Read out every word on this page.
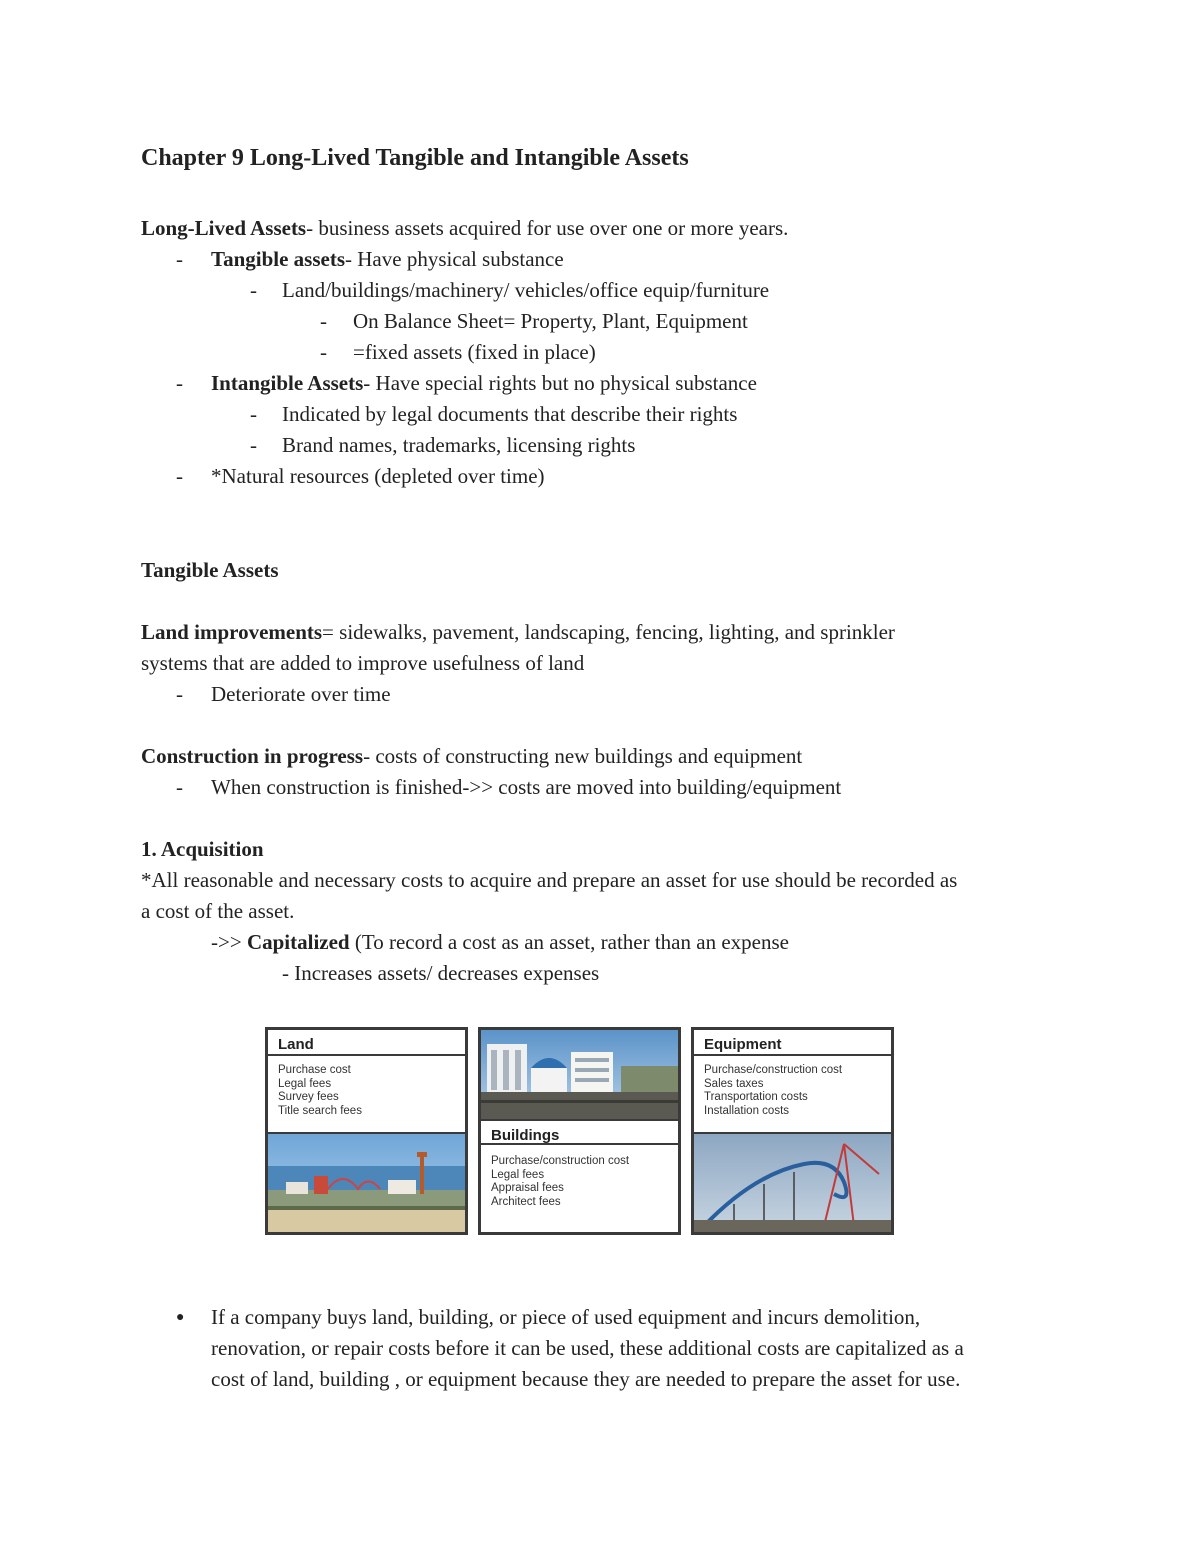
Chapter 9 Long-Lived Tangible and Intangible Assets
Long-Lived Assets- business assets acquired for use over one or more years.
- Tangible assets- Have physical substance
- Land/buildings/machinery/ vehicles/office equip/furniture
- On Balance Sheet= Property, Plant, Equipment
- =fixed assets (fixed in place)
- Intangible Assets- Have special rights but no physical substance
- Indicated by legal documents that describe their rights
- Brand names, trademarks, licensing rights
- *Natural resources (depleted over time)
Tangible Assets
Land improvements= sidewalks, pavement, landscaping, fencing, lighting, and sprinkler
systems that are added to improve usefulness of land
- Deteriorate over time
Construction in progress- costs of constructing new buildings and equipment
- When construction is finished->> costs are moved into building/equipment
1. Acquisition
*All reasonable and necessary costs to acquire and prepare an asset for use should be recorded as
a cost of the asset.
->> Capitalized (To record a cost as an asset, rather than an expense
- Increases assets/ decreases expenses
Land
Purchase cost
Legal fees
Survey fees
Title search fees
Buildings
Purchase/construction cost
Legal fees
Appraisal fees
Architect fees
Equipment
Purchase/construction cost
Sales taxes
Transportation costs
Installation costs
● If a company buys land, building, or piece of used equipment and incurs demolition,
renovation, or repair costs before it can be used, these additional costs are capitalized as a
cost of land, building , or equipment because they are needed to prepare the asset for use.
